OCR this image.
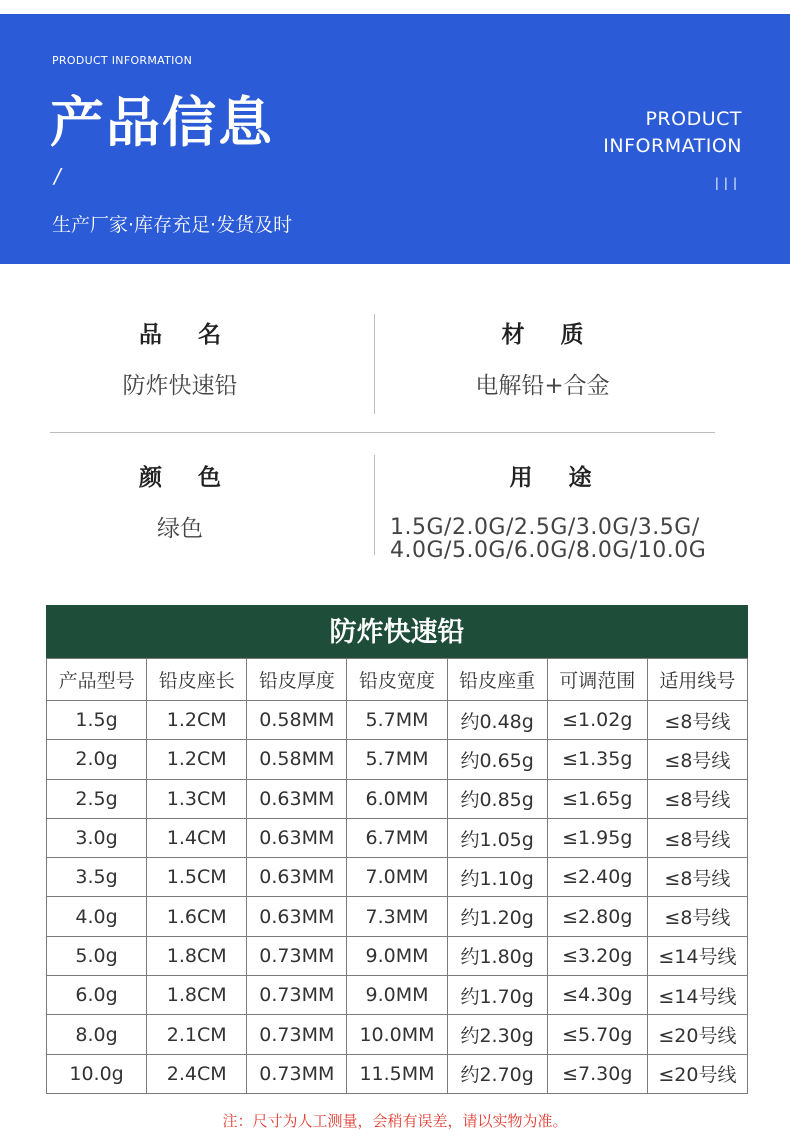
PRODUCT INFORMATION
产品信息
/
生产厂家·库存充足·发货及时
PRODUCT
INFORMATION
|||
品名
防炸快速铅
材质
电解铅+合金
颜色
绿色
用途
1.5G/2.0G/2.5G/3.0G/3.5G/
4.0G/5.0G/6.0G/8.0G/10.0G
防炸快速铅
产品型号	铅皮座长	铅皮厚度	铅皮宽度	铅皮座重	可调范围	适用线号
1.5g	1.2CM	0.58MM	5.7MM	约0.48g	≤1.02g	≤8号线
2.0g	1.2CM	0.58MM	5.7MM	约0.65g	≤1.35g	≤8号线
2.5g	1.3CM	0.63MM	6.0MM	约0.85g	≤1.65g	≤8号线
3.0g	1.4CM	0.63MM	6.7MM	约1.05g	≤1.95g	≤8号线
3.5g	1.5CM	0.63MM	7.0MM	约1.10g	≤2.40g	≤8号线
4.0g	1.6CM	0.63MM	7.3MM	约1.20g	≤2.80g	≤8号线
5.0g	1.8CM	0.73MM	9.0MM	约1.80g	≤3.20g	≤14号线
6.0g	1.8CM	0.73MM	9.0MM	约1.70g	≤4.30g	≤14号线
8.0g	2.1CM	0.73MM	10.0MM	约2.30g	≤5.70g	≤20号线
10.0g	2.4CM	0.73MM	11.5MM	约2.70g	≤7.30g	≤20号线
注：尺寸为人工测量，会稍有误差，请以实物为准。
